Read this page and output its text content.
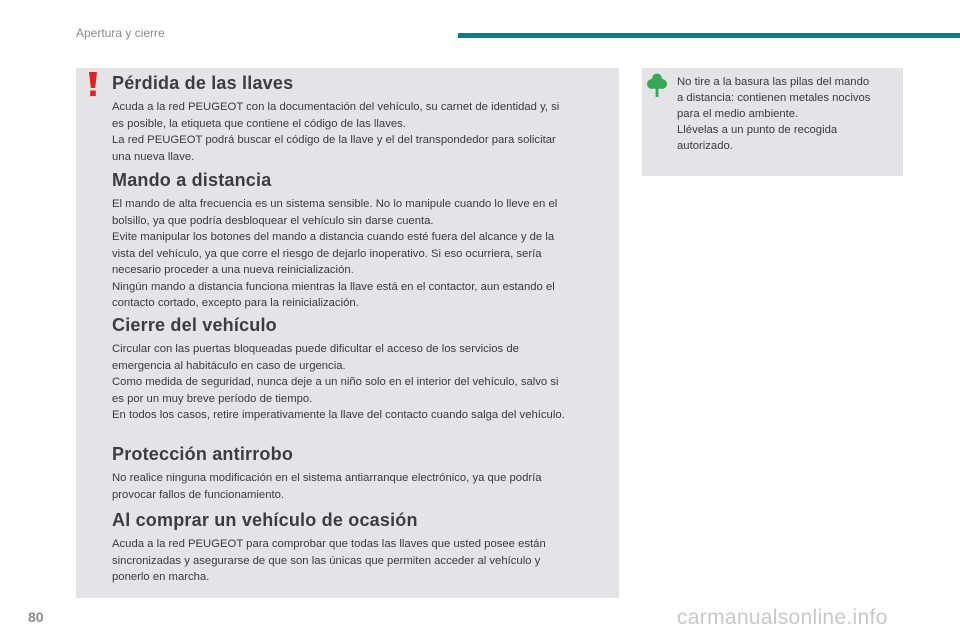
Apertura y cierre
Pérdida de las llaves

Acuda a la red PEUGEOT con la documentación del vehículo, su carnet de identidad y, si
es posible, la etiqueta que contiene el código de las llaves.
La red PEUGEOT podrá buscar el código de la llave y el del transpondedor para solicitar
una nueva llave.

Mando a distancia

El mando de alta frecuencia es un sistema sensible. No lo manipule cuando lo lleve en el
bolsillo, ya que podría desbloquear el vehículo sin darse cuenta.
Evite manipular los botones del mando a distancia cuando esté fuera del alcance y de la
vista del vehículo, ya que corre el riesgo de dejarlo inoperativo. Si eso ocurriera, sería
necesario proceder a una nueva reinicialización.
Ningún mando a distancia funciona mientras la llave está en el contactor, aun estando el
contacto cortado, excepto para la reinicialización.

Cierre del vehículo

Circular con las puertas bloqueadas puede dificultar el acceso de los servicios de
emergencia al habitáculo en caso de urgencia.
Como medida de seguridad, nunca deje a un niño solo en el interior del vehículo, salvo si
es por un muy breve período de tiempo.
En todos los casos, retire imperativamente la llave del contacto cuando salga del vehículo.

Protección antirrobo

No realice ninguna modificación en el sistema antiarranque electrónico, ya que podría
provocar fallos de funcionamiento.

Al comprar un vehículo de ocasión

Acuda a la red PEUGEOT para comprobar que todas las llaves que usted posee están
sincronizadas y asegurarse de que son las únicas que permiten acceder al vehículo y
ponerlo en marcha.

No tire a la basura las pilas del mando
a distancia: contienen metales nocivos
para el medio ambiente.
Llévelas a un punto de recogida
autorizado.

80	carmanualsonline.info
